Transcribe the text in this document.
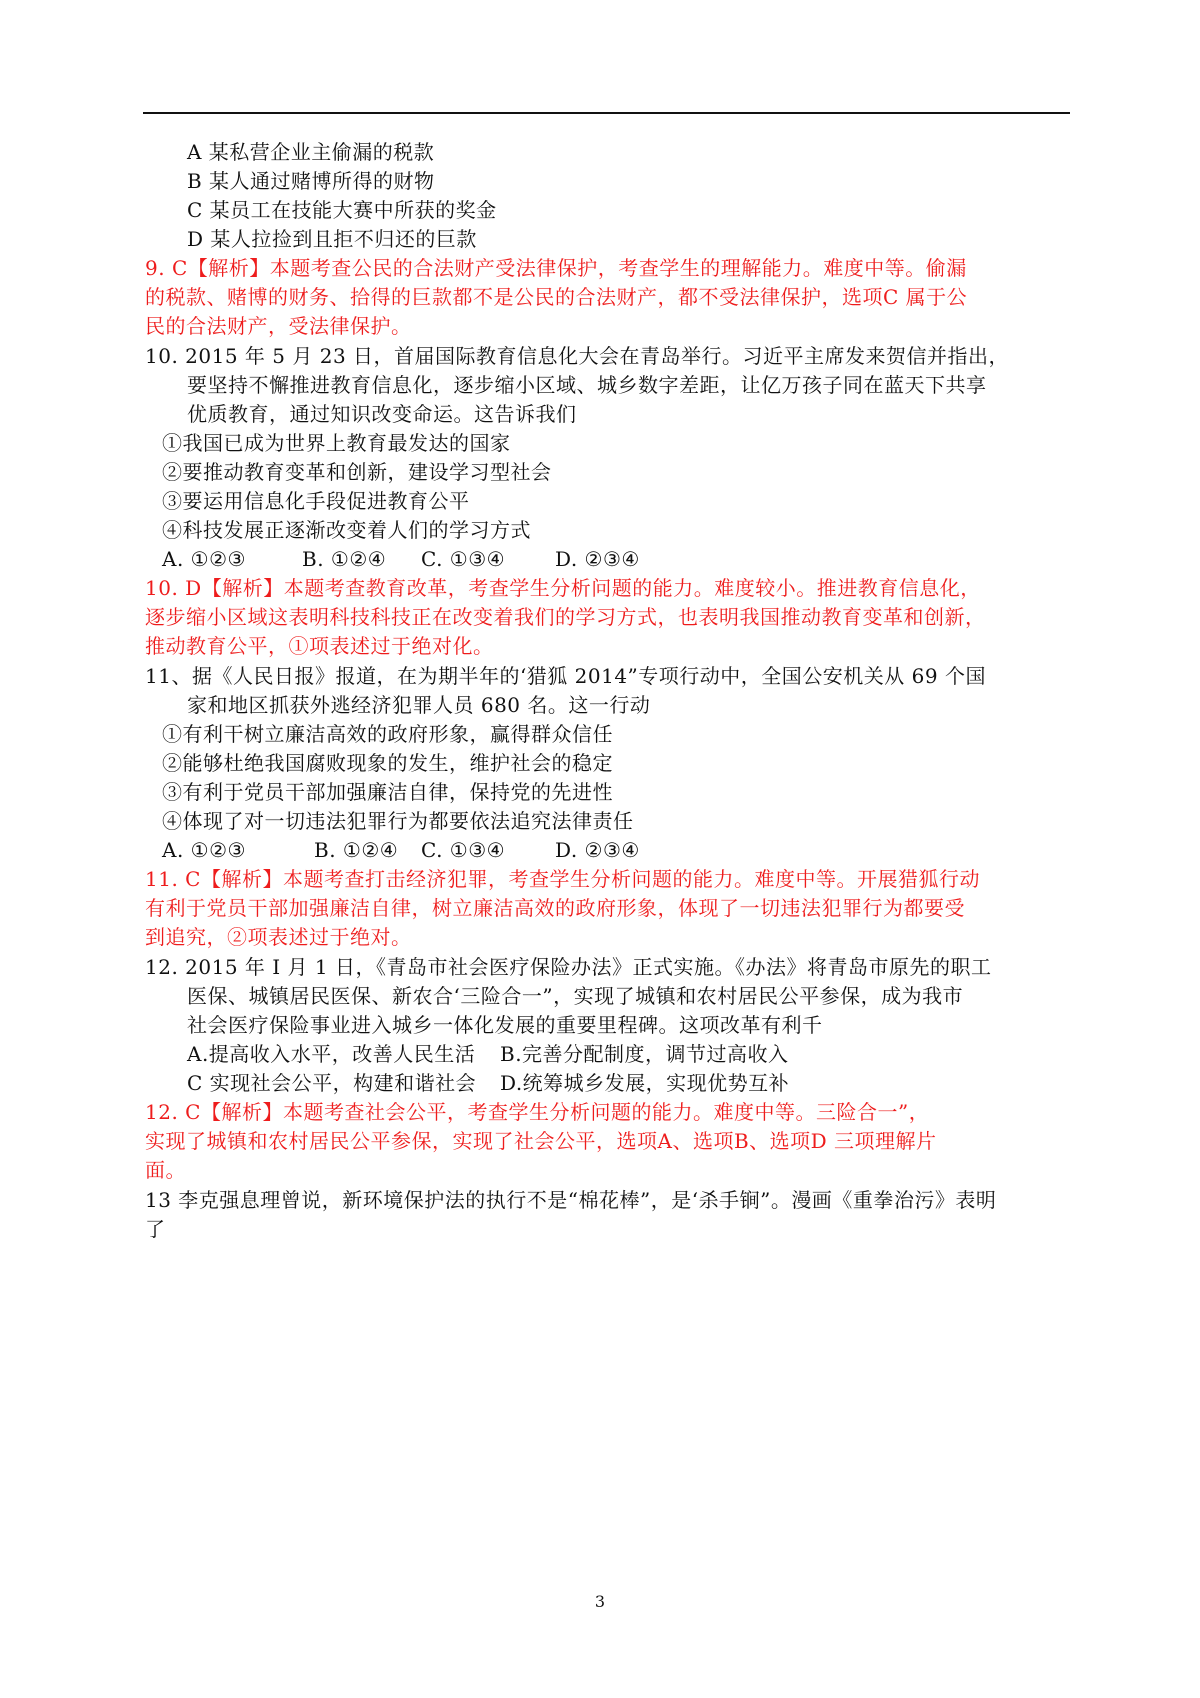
A 某私营企业主偷漏的税款
B 某人通过赌博所得的财物
C 某员工在技能大赛中所获的奖金
D 某人拉捡到且拒不归还的巨款
9. C【解析】本题考查公民的合法财产受法律保护，考查学生的理解能力。难度中等。偷漏
的税款、赌博的财务、拾得的巨款都不是公民的合法财产，都不受法律保护，选项C 属于公
民的合法财产，受法律保护。
10. 2015 年 5 月 23 日，首届国际教育信息化大会在青岛举行。习近平主席发来贺信并指出，
要坚持不懈推进教育信息化，逐步缩小区域、城乡数字差距，让亿万孩子同在蓝天下共享
优质教育，通过知识改变命运。这告诉我们
①我国已成为世界上教育最发达的国家
②要推动教育变革和创新，建设学习型社会
③要运用信息化手段促进教育公平
④科技发展正逐渐改变着人们的学习方式
A. ①②③	B. ①②④ C. ①③④ D. ②③④
10. D【解析】本题考查教育改革，考查学生分析问题的能力。难度较小。推进教育信息化，
逐步缩小区域这表明科技科技正在改变着我们的学习方式，也表明我国推动教育变革和创新，
推动教育公平，①项表述过于绝对化。
11、据《人民日报》报道，在为期半年的‘猎狐 2014”专项行动中，全国公安机关从 69 个国
家和地区抓获外逃经济犯罪人员 680 名。这一行动
①有利干树立廉洁高效的政府形象，赢得群众信任
②能够杜绝我国腐败现象的发生，维护社会的稳定
③有利于党员干部加强廉洁自律，保持党的先进性
④体现了对一切违法犯罪行为都要依法追究法律责任
A. ①②③	B. ①②④ C. ①③④ D. ②③④
11. C【解析】本题考查打击经济犯罪，考查学生分析问题的能力。难度中等。开展猎狐行动
有利于党员干部加强廉洁自律，树立廉洁高效的政府形象，体现了一切违法犯罪行为都要受
到追究，②项表述过于绝对。
12. 2015 年 I 月 1 日，《青岛市社会医疗保险办法》正式实施。《办法》将青岛市原先的职工
医保、城镇居民医保、新农合‘三险合一”，实现了城镇和农村居民公平参保，成为我市
社会医疗保险事业进入城乡一体化发展的重要里程碑。这项改革有利千
A.提高收入水平，改善人民生活 B.完善分配制度，调节过高收入
C 实现社会公平，构建和谐社会 D.统筹城乡发展，实现优势互补
12. C【解析】本题考查社会公平，考查学生分析问题的能力。难度中等。三险合一”，
实现了城镇和农村居民公平参保，实现了社会公平，选项A、选项B、选项D 三项理解片
面。
13 李克强息理曾说，新环境保护法的执行不是“棉花棒”，是‘杀手锏”。漫画《重拳治污》表明
了
3
